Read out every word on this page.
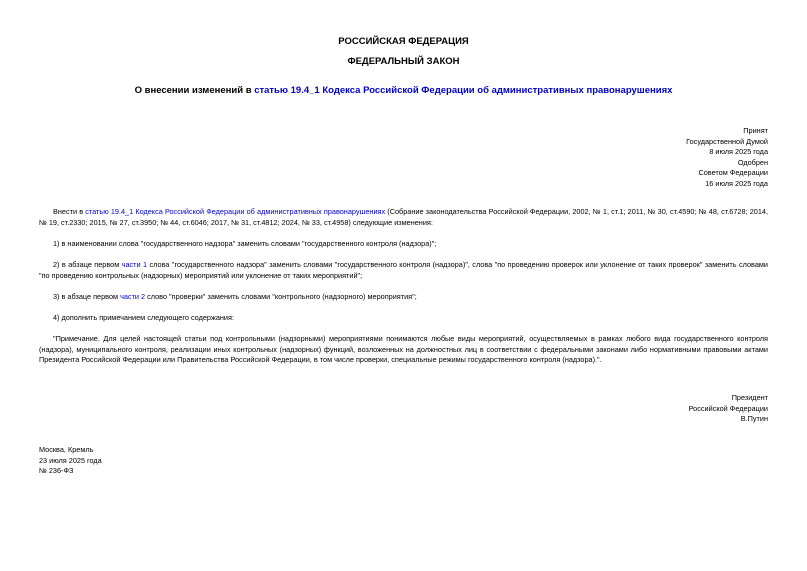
РОССИЙСКАЯ ФЕДЕРАЦИЯ
ФЕДЕРАЛЬНЫЙ ЗАКОН
О внесении изменений в статью 19.4_1 Кодекса Российской Федерации об административных правонарушениях
Принят
Государственной Думой
8 июля 2025 года
Одобрен
Советом Федерации
16 июля 2025 года

Внести в статью 19.4_1 Кодекса Российской Федерации об административных правонарушениях (Собрание законодательства Российской Федерации, 2002, № 1, ст.1; 2011, № 30, ст.4590; № 48, ст.6728; 2014, № 19, ст.2330; 2015, № 27, ст.3950; № 44, ст.6046; 2017, № 31, ст.4812; 2024, № 33, ст.4958) следующие изменения:

1) в наименовании слова "государственного надзора" заменить словами "государственного контроля (надзора)";

2) в абзаце первом части 1 слова "государственного надзора" заменить словами "государственного контроля (надзора)", слова "по проведению проверок или уклонение от таких проверок" заменить словами "по проведению контрольных (надзорных) мероприятий или уклонение от таких мероприятий";

3) в абзаце первом части 2 слово "проверки" заменить словами "контрольного (надзорного) мероприятия";

4) дополнить примечанием следующего содержания:

"Примечание. Для целей настоящей статьи под контрольными (надзорными) мероприятиями понимаются любые виды мероприятий, осуществляемых в рамках любого вида государственного контроля (надзора), муниципального контроля, реализации иных контрольных (надзорных) функций, возложенных на должностных лиц в соответствии с федеральными законами либо нормативными правовыми актами Президента Российской Федерации или Правительства Российской Федерации, в том числе проверки, специальные режимы государственного контроля (надзора).".

Президент
Российской Федерации
В.Путин
Москва, Кремль
23 июля 2025 года
№ 236-ФЗ
